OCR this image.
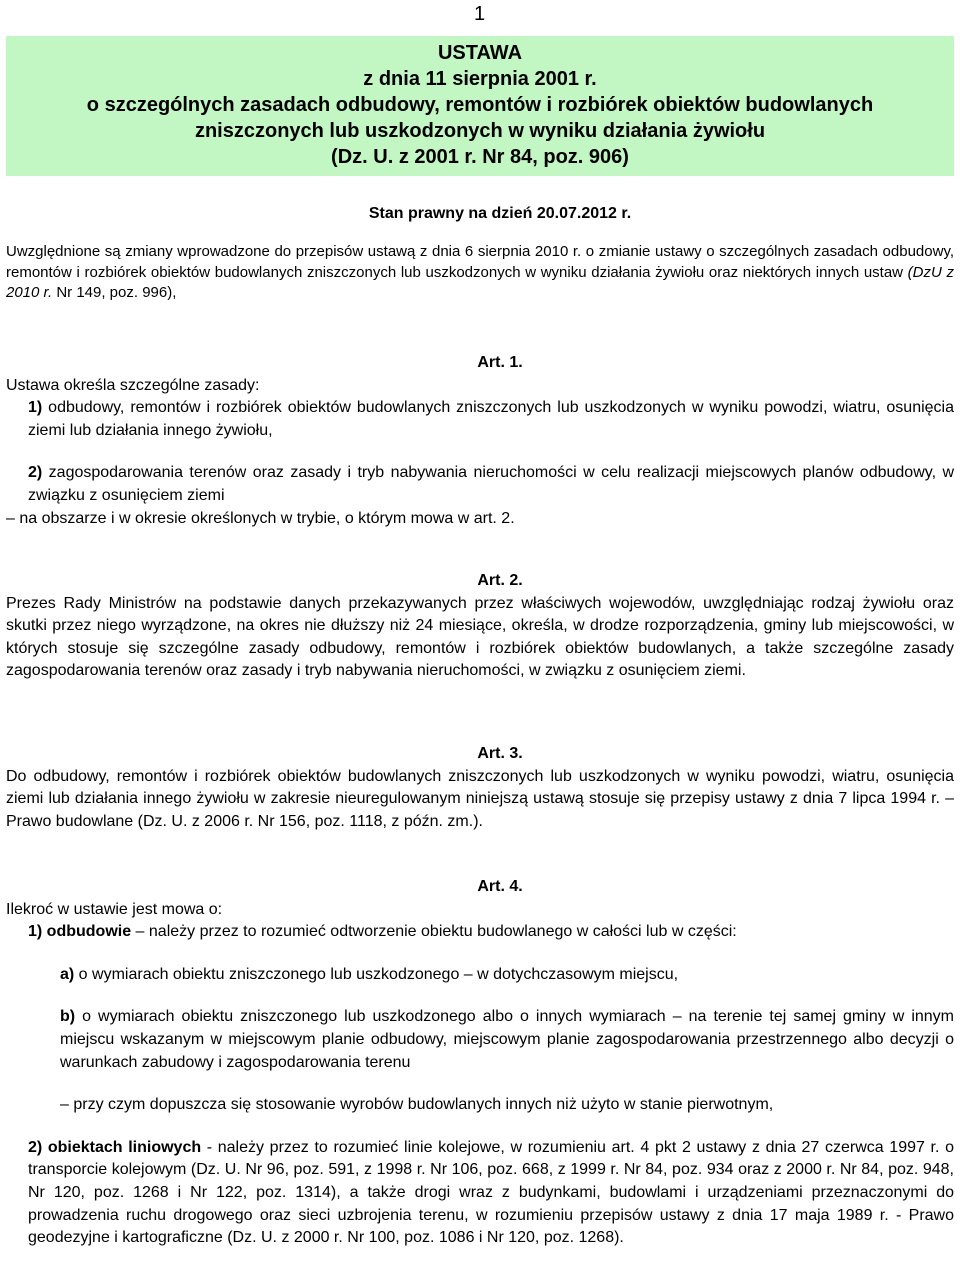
1
USTAWA
z dnia 11 sierpnia 2001 r.
o szczególnych zasadach odbudowy, remontów i rozbiórek obiektów budowlanych
zniszczonych lub uszkodzonych w wyniku działania żywiołu
(Dz. U. z 2001 r. Nr 84, poz. 906)
Stan prawny na dzień 20.07.2012 r.

Uwzględnione są zmiany wprowadzone do przepisów ustawą z dnia 6 sierpnia 2010 r. o zmianie ustawy o szczególnych zasadach odbudowy, remontów i rozbiórek obiektów budowlanych zniszczonych lub uszkodzonych w wyniku działania żywiołu oraz niektórych innych ustaw (DzU z 2010 r. Nr 149, poz. 996),

Art. 1.

Ustawa określa szczególne zasady:

1) odbudowy, remontów i rozbiórek obiektów budowlanych zniszczonych lub uszkodzonych w wyniku powodzi, wiatru, osunięcia ziemi lub działania innego żywiołu,

2) zagospodarowania terenów oraz zasady i tryb nabywania nieruchomości w celu realizacji miejscowych planów odbudowy, w związku z osunięciem ziemi

– na obszarze i w okresie określonych w trybie, o którym mowa w art. 2.

Art. 2.

Prezes Rady Ministrów na podstawie danych przekazywanych przez właściwych wojewodów, uwzględniając rodzaj żywiołu oraz skutki przez niego wyrządzone, na okres nie dłuższy niż 24 miesiące, określa, w drodze rozporządzenia, gminy lub miejscowości, w których stosuje się szczególne zasady odbudowy, remontów i rozbiórek obiektów budowlanych, a także szczególne zasady zagospodarowania terenów oraz zasady i tryb nabywania nieruchomości, w związku z osunięciem ziemi.

Art. 3.

Do odbudowy, remontów i rozbiórek obiektów budowlanych zniszczonych lub uszkodzonych w wyniku powodzi, wiatru, osunięcia ziemi lub działania innego żywiołu w zakresie nieuregulowanym niniejszą ustawą stosuje się przepisy ustawy z dnia 7 lipca 1994 r. – Prawo budowlane (Dz. U. z 2006 r. Nr 156, poz. 1118, z późn. zm.).

Art. 4.

Ilekroć w ustawie jest mowa o:

1) odbudowie – należy przez to rozumieć odtworzenie obiektu budowlanego w całości lub w części:

a) o wymiarach obiektu zniszczonego lub uszkodzonego – w dotychczasowym miejscu,

b) o wymiarach obiektu zniszczonego lub uszkodzonego albo o innych wymiarach – na terenie tej samej gminy w innym miejscu wskazanym w miejscowym planie odbudowy, miejscowym planie zagospodarowania przestrzennego albo decyzji o warunkach zabudowy i zagospodarowania terenu

– przy czym dopuszcza się stosowanie wyrobów budowlanych innych niż użyto w stanie pierwotnym,

2) obiektach liniowych - należy przez to rozumieć linie kolejowe, w rozumieniu art. 4 pkt 2 ustawy z dnia 27 czerwca 1997 r. o transporcie kolejowym (Dz. U. Nr 96, poz. 591, z 1998 r. Nr 106, poz. 668, z 1999 r. Nr 84, poz. 934 oraz z 2000 r. Nr 84, poz. 948, Nr 120, poz. 1268 i Nr 122, poz. 1314), a także drogi wraz z budynkami, budowlami i urządzeniami przeznaczonymi do prowadzenia ruchu drogowego oraz sieci uzbrojenia terenu, w rozumieniu przepisów ustawy z dnia 17 maja 1989 r. - Prawo geodezyjne i kartograficzne (Dz. U. z 2000 r. Nr 100, poz. 1086 i Nr 120, poz. 1268).
